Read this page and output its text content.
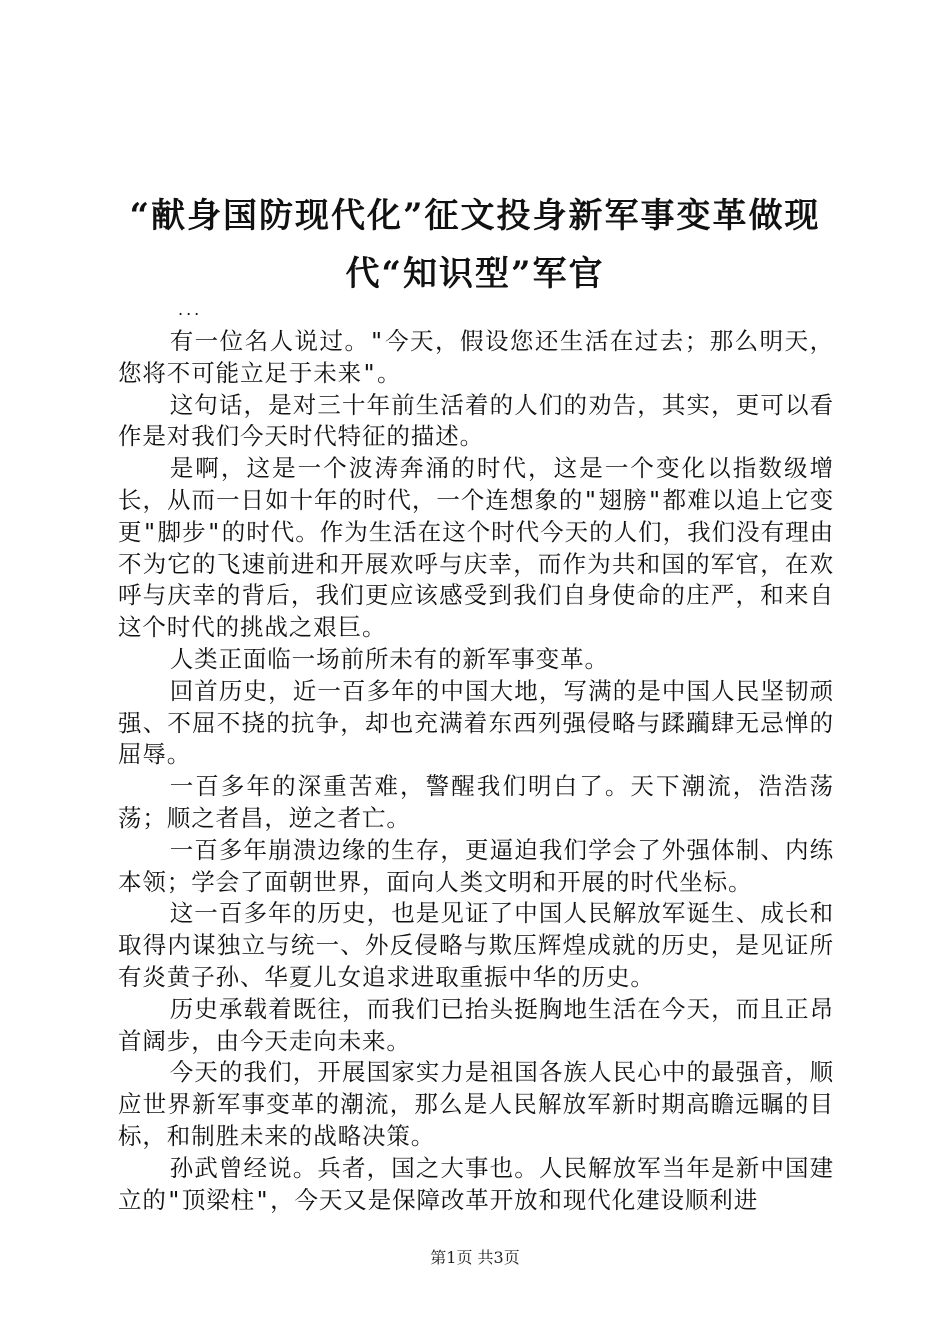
“献身国防现代化”征文投身新军事变革做现
代“知识型”军官
...

有一位名人说过。"今天，假设您还生活在过去；那么明天，您将不可能立足于未来"。

这句话，是对三十年前生活着的人们的劝告，其实，更可以看作是对我们今天时代特征的描述。

是啊，这是一个波涛奔涌的时代，这是一个变化以指数级增长，从而一日如十年的时代，一个连想象的"翅膀"都难以追上它变更"脚步"的时代。作为生活在这个时代今天的人们，我们没有理由不为它的飞速前进和开展欢呼与庆幸，而作为共和国的军官，在欢呼与庆幸的背后，我们更应该感受到我们自身使命的庄严，和来自这个时代的挑战之艰巨。

人类正面临一场前所未有的新军事变革。

回首历史，近一百多年的中国大地，写满的是中国人民坚韧顽强、不屈不挠的抗争，却也充满着东西列强侵略与蹂躏肆无忌惮的屈辱。

一百多年的深重苦难，警醒我们明白了。天下潮流，浩浩荡荡；顺之者昌，逆之者亡。

一百多年崩溃边缘的生存，更逼迫我们学会了外强体制、内练本领；学会了面朝世界，面向人类文明和开展的时代坐标。

这一百多年的历史，也是见证了中国人民解放军诞生、成长和取得内谋独立与统一、外反侵略与欺压辉煌成就的历史，是见证所有炎黄子孙、华夏儿女追求进取重振中华的历史。

历史承载着既往，而我们已抬头挺胸地生活在今天，而且正昂首阔步，由今天走向未来。

今天的我们，开展国家实力是祖国各族人民心中的最强音，顺应世界新军事变革的潮流，那么是人民解放军新时期高瞻远瞩的目标，和制胜未来的战略决策。

孙武曾经说。兵者，国之大事也。人民解放军当年是新中国建立的"顶梁柱"，今天又是保障改革开放和现代化建设顺利进

第1页 共3页
